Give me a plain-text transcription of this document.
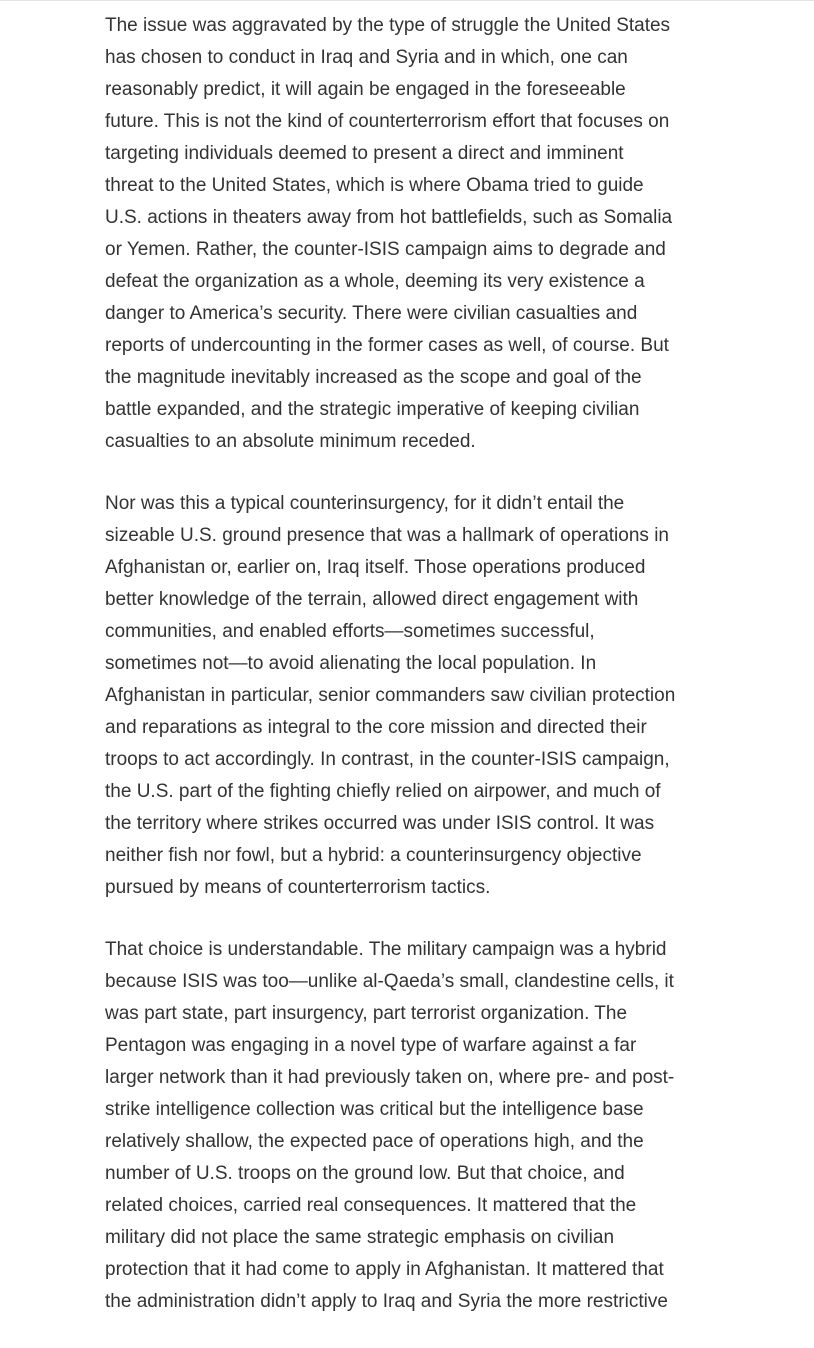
The issue was aggravated by the type of struggle the United States
has chosen to conduct in Iraq and Syria and in which, one can
reasonably predict, it will again be engaged in the foreseeable
future. This is not the kind of counterterrorism effort that focuses on
targeting individuals deemed to present a direct and imminent
threat to the United States, which is where Obama tried to guide
U.S. actions in theaters away from hot battlefields, such as Somalia
or Yemen. Rather, the counter-ISIS campaign aims to degrade and
defeat the organization as a whole, deeming its very existence a
danger to America’s security. There were civilian casualties and
reports of undercounting in the former cases as well, of course. But
the magnitude inevitably increased as the scope and goal of the
battle expanded, and the strategic imperative of keeping civilian
casualties to an absolute minimum receded.

Nor was this a typical counterinsurgency, for it didn’t entail the
sizeable U.S. ground presence that was a hallmark of operations in
Afghanistan or, earlier on, Iraq itself. Those operations produced
better knowledge of the terrain, allowed direct engagement with
communities, and enabled efforts—sometimes successful,
sometimes not—to avoid alienating the local population. In
Afghanistan in particular, senior commanders saw civilian protection
and reparations as integral to the core mission and directed their
troops to act accordingly. In contrast, in the counter-ISIS campaign,
the U.S. part of the fighting chiefly relied on airpower, and much of
the territory where strikes occurred was under ISIS control. It was
neither fish nor fowl, but a hybrid: a counterinsurgency objective
pursued by means of counterterrorism tactics.

That choice is understandable. The military campaign was a hybrid
because ISIS was too—unlike al-Qaeda’s small, clandestine cells, it
was part state, part insurgency, part terrorist organization. The
Pentagon was engaging in a novel type of warfare against a far
larger network than it had previously taken on, where pre- and post-
strike intelligence collection was critical but the intelligence base
relatively shallow, the expected pace of operations high, and the
number of U.S. troops on the ground low. But that choice, and
related choices, carried real consequences. It mattered that the
military did not place the same strategic emphasis on civilian
protection that it had come to apply in Afghanistan. It mattered that
the administration didn’t apply to Iraq and Syria the more restrictive
